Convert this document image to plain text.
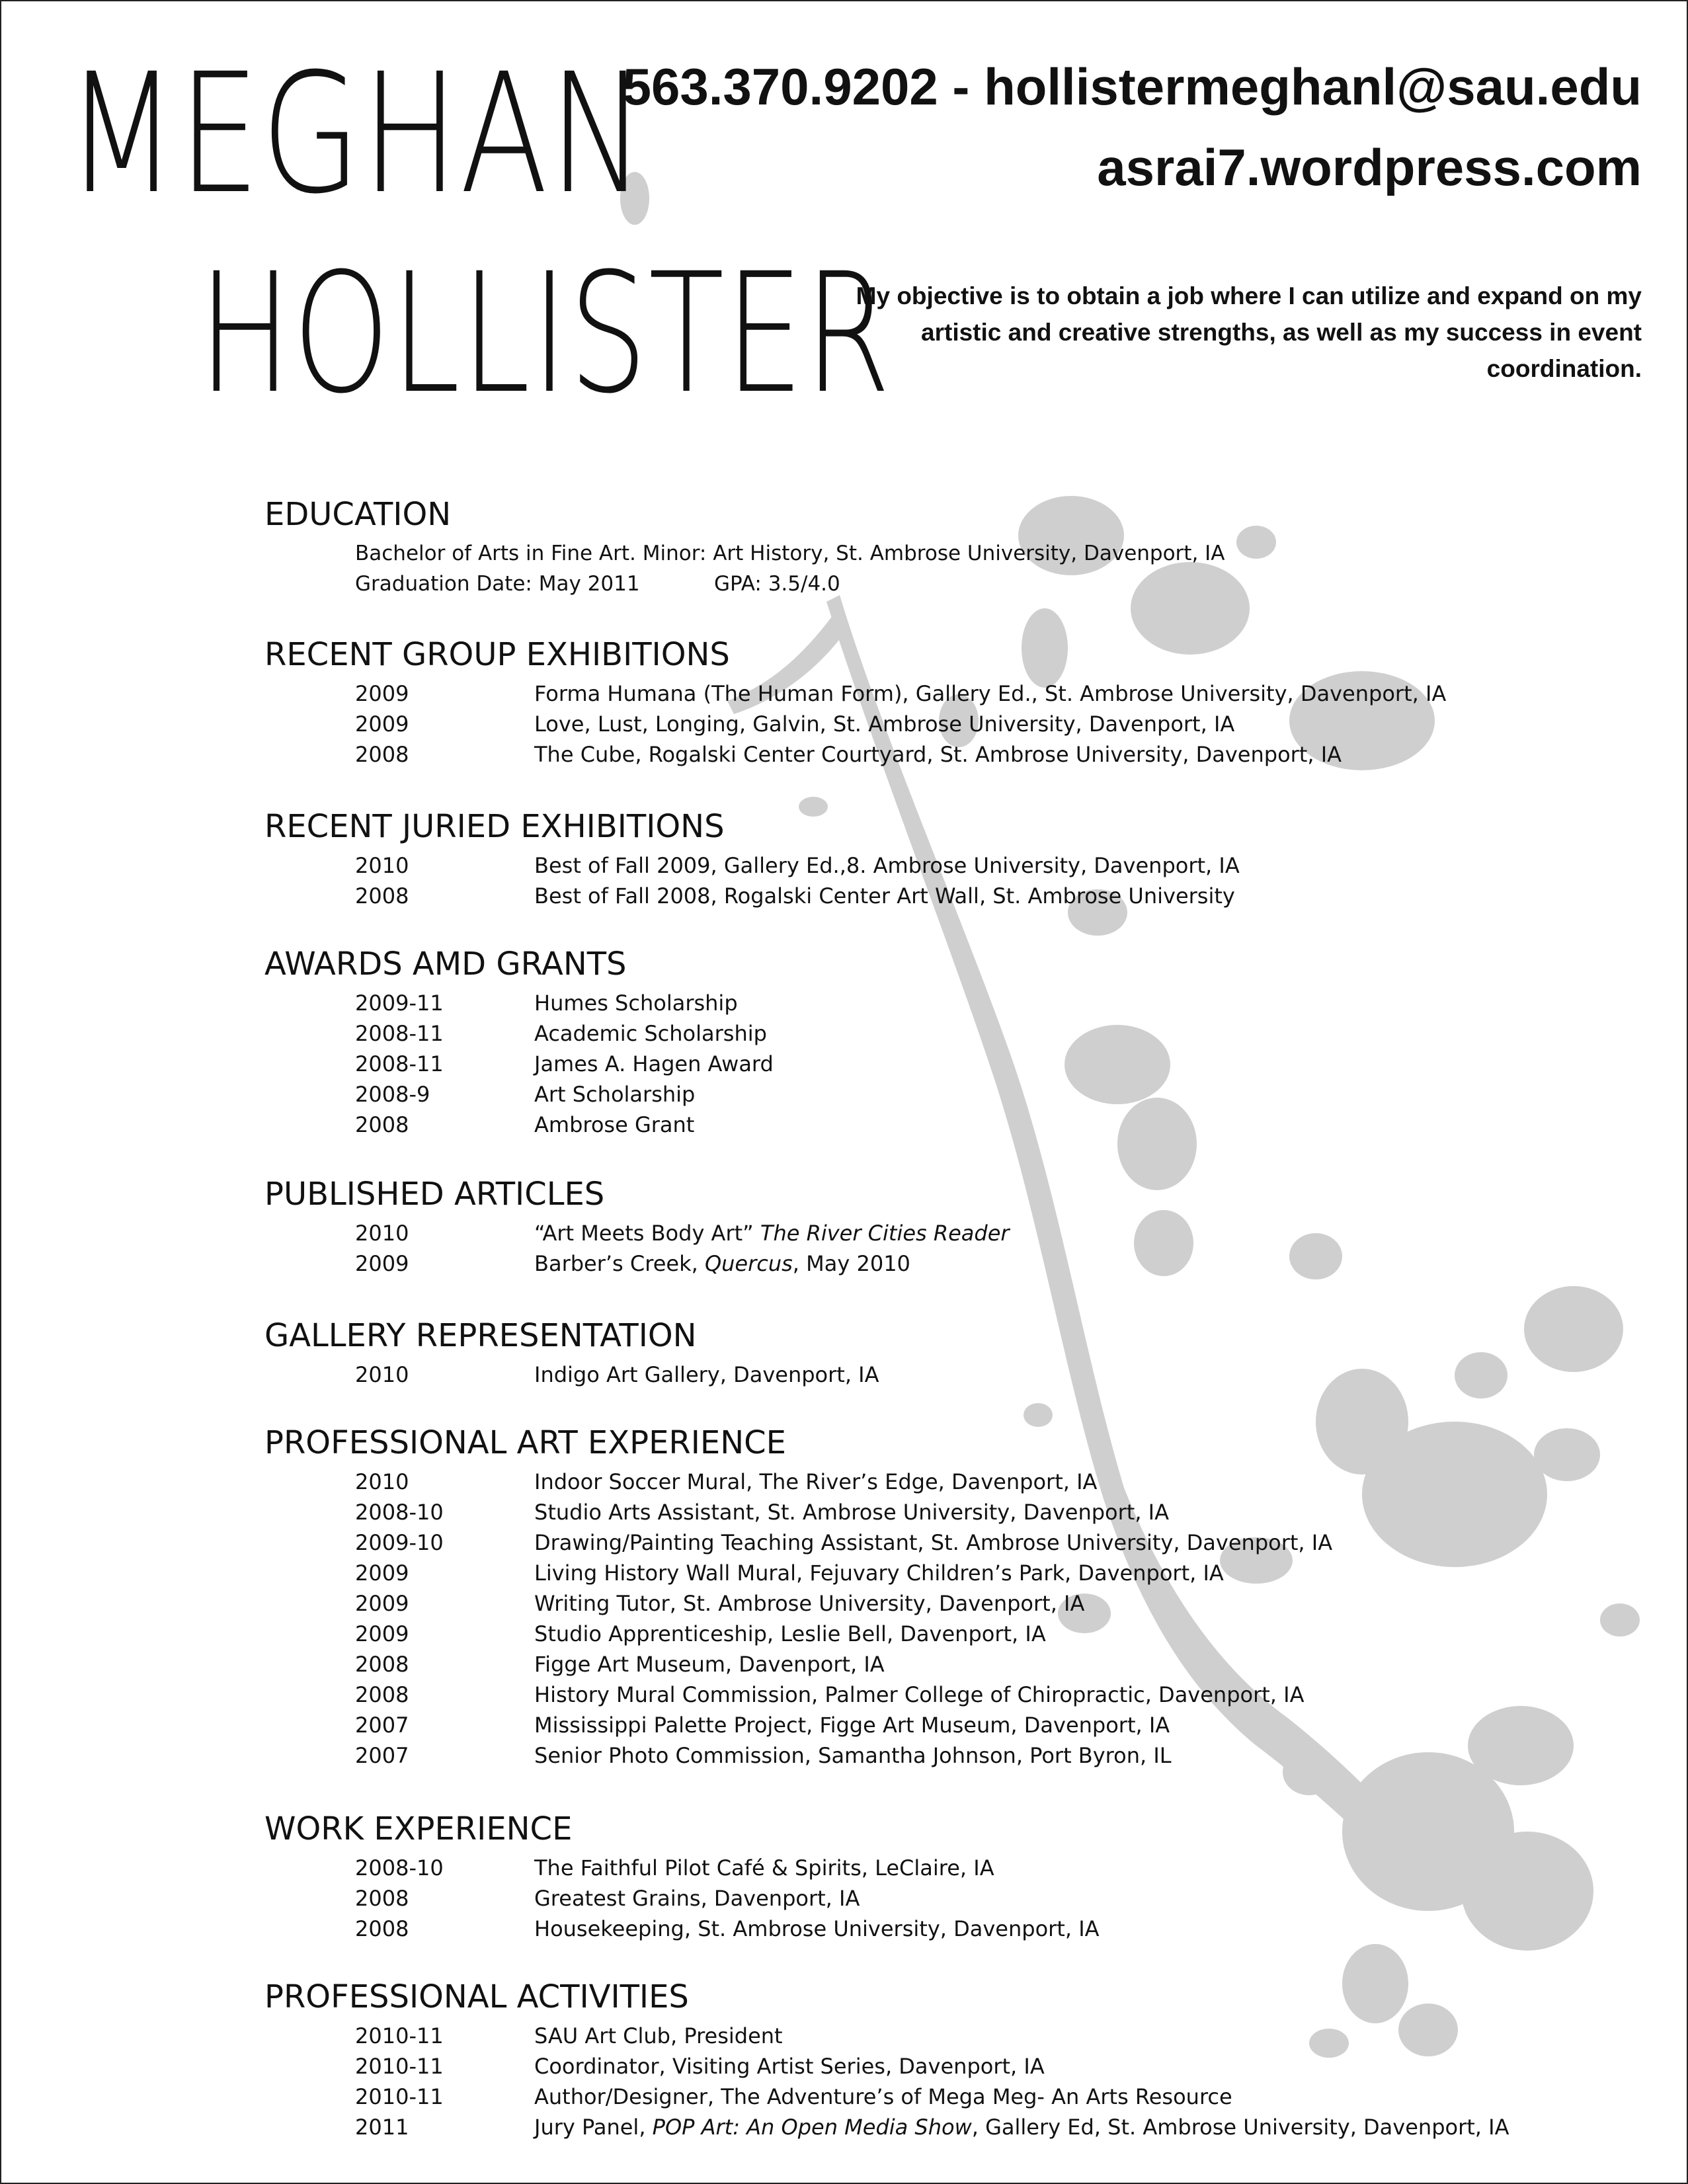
MEGHAN
HOLLISTER
563.370.9202 - hollistermeghanl@sau.edu
asrai7.wordpress.com
My objective is to obtain a job where I can utilize and expand on my artistic and creative strengths, as well as my success in event coordination.
EDUCATION
Bachelor of Arts in Fine Art. Minor: Art History, St. Ambrose University, Davenport, IA
Graduation Date: May 2011	GPA: 3.5/4.0
RECENT GROUP EXHIBITIONS
2009	Forma Humana (The Human Form), Gallery Ed., St. Ambrose University, Davenport, IA
2009	Love, Lust, Longing, Galvin, St. Ambrose University, Davenport, IA
2008	The Cube, Rogalski Center Courtyard, St. Ambrose University, Davenport, IA
RECENT JURIED EXHIBITIONS
2010	Best of Fall 2009, Gallery Ed.,8. Ambrose University, Davenport, IA
2008	Best of Fall 2008, Rogalski Center Art Wall, St. Ambrose University
AWARDS AMD GRANTS
2009-11	Humes Scholarship
2008-11	Academic Scholarship
2008-11	James A. Hagen Award
2008-9	Art Scholarship
2008	Ambrose Grant
PUBLISHED ARTICLES
2010	“Art Meets Body Art” The River Cities Reader
2009	Barber’s Creek, Quercus, May 2010
GALLERY REPRESENTATION
2010	Indigo Art Gallery, Davenport, IA
PROFESSIONAL ART EXPERIENCE
2010	Indoor Soccer Mural, The River’s Edge, Davenport, IA
2008-10	Studio Arts Assistant, St. Ambrose University, Davenport, IA
2009-10	Drawing/Painting Teaching Assistant, St. Ambrose University, Davenport, IA
2009	Living History Wall Mural, Fejuvary Children’s Park, Davenport, IA
2009	Writing Tutor, St. Ambrose University, Davenport, IA
2009	Studio Apprenticeship, Leslie Bell, Davenport, IA
2008	Figge Art Museum, Davenport, IA
2008	History Mural Commission, Palmer College of Chiropractic, Davenport, IA
2007	Mississippi Palette Project, Figge Art Museum, Davenport, IA
2007	Senior Photo Commission, Samantha Johnson, Port Byron, IL
WORK EXPERIENCE
2008-10	The Faithful Pilot Café & Spirits, LeClaire, IA
2008	Greatest Grains, Davenport, IA
2008	Housekeeping, St. Ambrose University, Davenport, IA
PROFESSIONAL ACTIVITIES
2010-11	SAU Art Club, President
2010-11	Coordinator, Visiting Artist Series, Davenport, IA
2010-11	Author/Designer, The Adventure’s of Mega Meg- An Arts Resource
2011	Jury Panel, POP Art: An Open Media Show, Gallery Ed, St. Ambrose University, Davenport, IA
